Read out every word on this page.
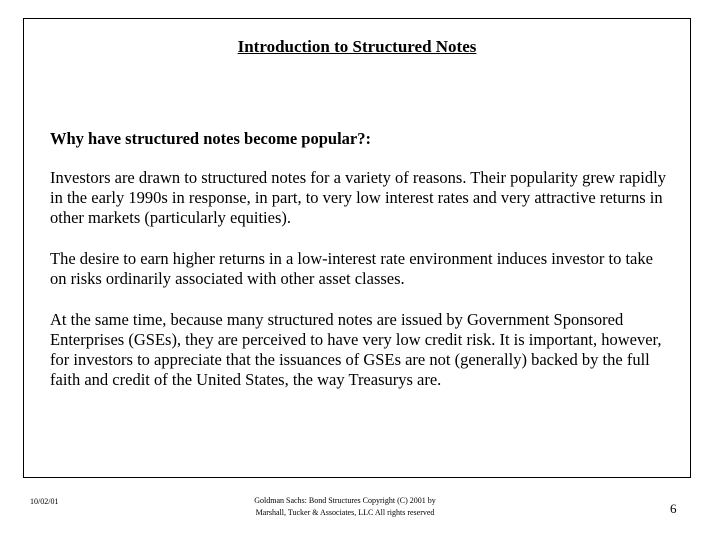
Introduction to Structured Notes

Why have structured notes become popular?:

Investors are drawn to structured notes for a variety of reasons. Their popularity grew rapidly in the early 1990s in response, in part, to very low interest rates and very attractive returns in other markets (particularly equities).

The desire to earn higher returns in a low-interest rate environment induces investor to take on risks ordinarily associated with other asset classes.

At the same time, because many structured notes are issued by Government Sponsored Enterprises (GSEs), they are perceived to have very low credit risk. It is important, however, for investors to appreciate that the issuances of GSEs are not (generally) backed by the full faith and credit of the United States, the way Treasurys are.

10/02/01	Goldman Sachs: Bond Structures Copyright (C) 2001 by Marshall, Tucker & Associates, LLC All rights reserved	6
